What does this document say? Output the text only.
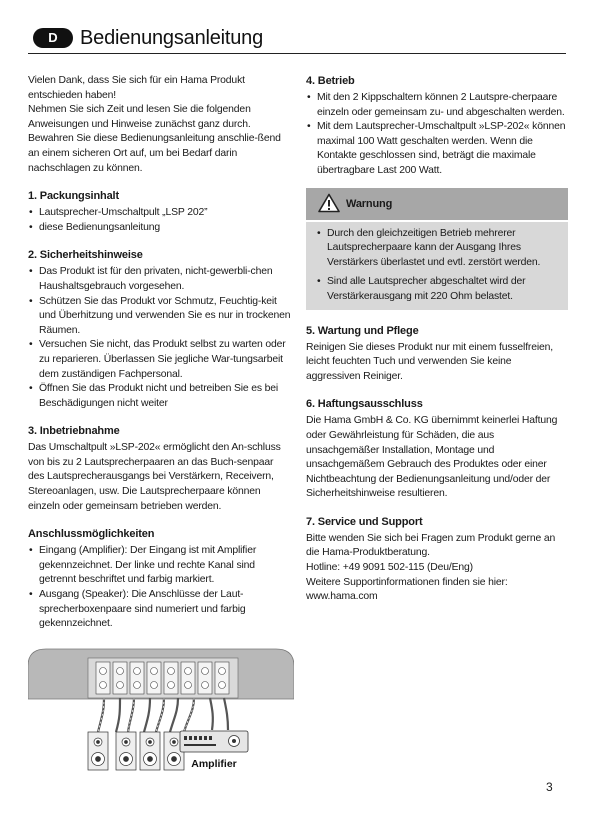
D	Bedienungsanleitung

Vielen Dank, dass Sie sich für ein Hama Produkt entschieden haben!
Nehmen Sie sich Zeit und lesen Sie die folgenden Anweisungen und Hinweise zunächst ganz durch. Bewahren Sie diese Bedienungsanleitung anschlie-ßend an einem sicheren Ort auf, um bei Bedarf darin nachschlagen zu können.

1. Packungsinhalt
• Lautsprecher-Umschaltpult „LSP 202”
• diese Bedienungsanleitung
2. Sicherheitshinweise
• Das Produkt ist für den privaten, nicht-gewerbli-chen Haushaltsgebrauch vorgesehen.
• Schützen Sie das Produkt vor Schmutz, Feuchtig-keit und Überhitzung und verwenden Sie es nur in trockenen Räumen.
• Versuchen Sie nicht, das Produkt selbst zu warten oder zu reparieren. Überlassen Sie jegliche War-tungsarbeit dem zuständigen Fachpersonal.
• Öffnen Sie das Produkt nicht und betreiben Sie es bei Beschädigungen nicht weiter
3. Inbetriebnahme

Das Umschaltpult »LSP-202« ermöglicht den An-schluss von bis zu 2 Lautsprecherpaaren an das Buch-senpaar des Lautsprecherausgangs bei Verstärkern, Receivern, Stereoanlagen, usw. Die Lautsprecherpaare können einzeln oder gemeinsam betrieben werden.

Anschlussmöglichkeiten
• Eingang (Amplifier): Der Eingang ist mit Amplifier gekennzeichnet. Der linke und rechte Kanal sind getrennt beschriftet und farbig markiert.
• Ausgang (Speaker): Die Anschlüsse der Laut-sprecherboxenpaare sind numeriert und farbig gekennzeichnet.
4. Betrieb
• Mit den 2 Kippschaltern können 2 Lautspre-cherpaare einzeln oder gemeinsam zu- und abgeschalten werden.
• Mit dem Lautsprecher-Umschaltpult »LSP-202« können maximal 100 Watt geschalten werden. Wenn die Kontakte geschlossen sind, beträgt die maximale übertragbare Last 200 Watt.
Warnung
• Durch den gleichzeitigen Betrieb mehrerer Lautsprecherpaare kann der Ausgang Ihres Verstärkers überlastet und evtl. zerstört werden.
• Sind alle Lautsprecher abgeschaltet wird der Verstärkerausgang mit 220 Ohm belastet.
5. Wartung und Pflege

Reinigen Sie dieses Produkt nur mit einem fusselfreien, leicht feuchten Tuch und verwenden Sie keine aggressiven Reiniger.

6. Haftungsausschluss

Die Hama GmbH & Co. KG übernimmt keinerlei Haftung oder Gewährleistung für Schäden, die aus unsachgemäßer Installation, Montage und unsachgemäßem Gebrauch des Produktes oder einer Nichtbeachtung der Bedienungsanleitung und/oder der Sicherheitshinweise resultieren.

7. Service und Support

Bitte wenden Sie sich bei Fragen zum Produkt gerne an die Hama-Produktberatung.
Hotline: +49 9091 502-115 (Deu/Eng)
Weitere Supportinformationen finden sie hier:
www.hama.com

Amplifier
3
